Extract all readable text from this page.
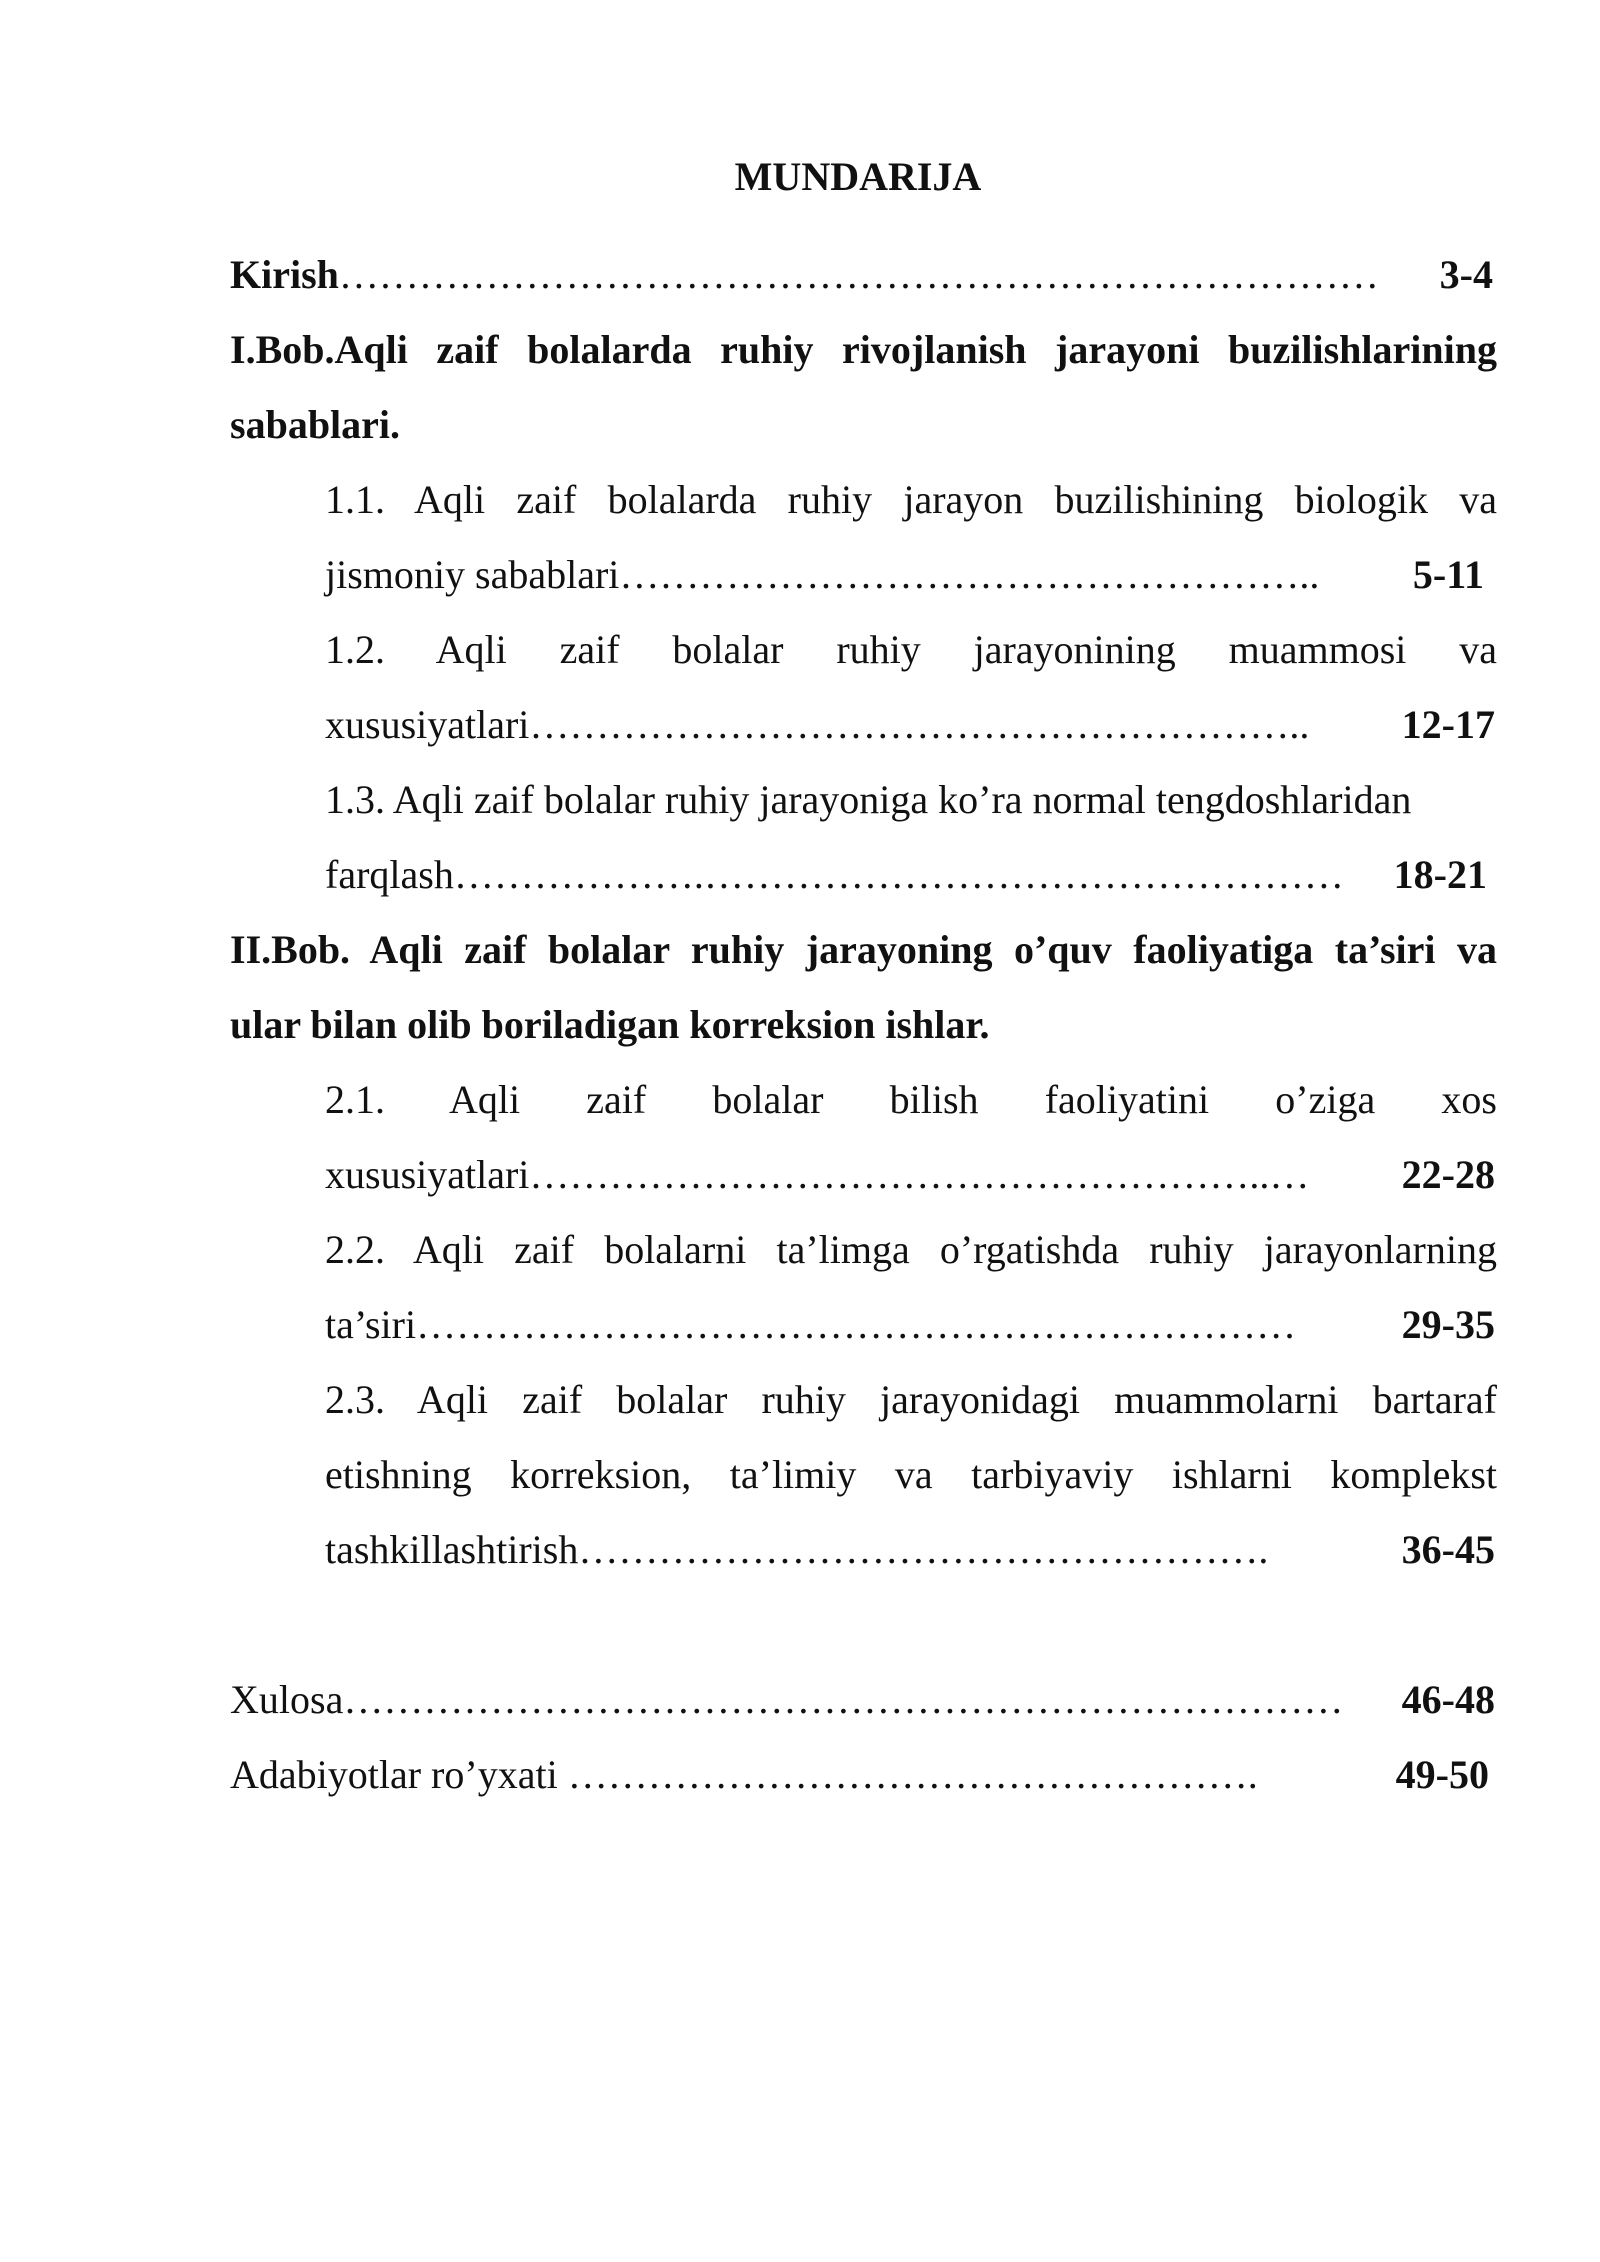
MUNDARIJA
Kirish ……………………………………………………………………	3-4
I.Bob.Aqli zaif bolalarda ruhiy rivojlanish jarayoni buzilishlarining
sabablari.
1.1. Aqli zaif bolalarda ruhiy jarayon buzilishining biologik va
jismoniy sabablari ……………………………………………..	5-11
1.2. Aqli zaif bolalar ruhiy jarayonining muammosi va
xususiyatlari …………………………………………………..	12-17
1.3. Aqli zaif bolalar ruhiy jarayoniga ko’ra normal tengdoshlaridan
farqlash ……………….…………………………………………	18-21
II.Bob. Aqli zaif bolalar ruhiy jarayoning o’quv faoliyatiga ta’siri va
ular bilan olib boriladigan korreksion ishlar.
2.1. Aqli zaif bolalar bilish faoliyatini o’ziga xos
xususiyatlari ………………………………………………..…	22-28
2.2. Aqli zaif bolalarni ta’limga o’rgatishda ruhiy jarayonlarning
ta’siri …………………………………………………………	29-35
2.3. Aqli zaif bolalar ruhiy jarayonidagi muammolarni bartaraf
etishning korreksion, ta’limiy va tarbiyaviy ishlarni komplekst
tashkillashtirish …………………………………………….	36-45
Xulosa …………………………………………………………………	46-48
Adabiyotlar ro’yxati …………………………………………….	49-50
